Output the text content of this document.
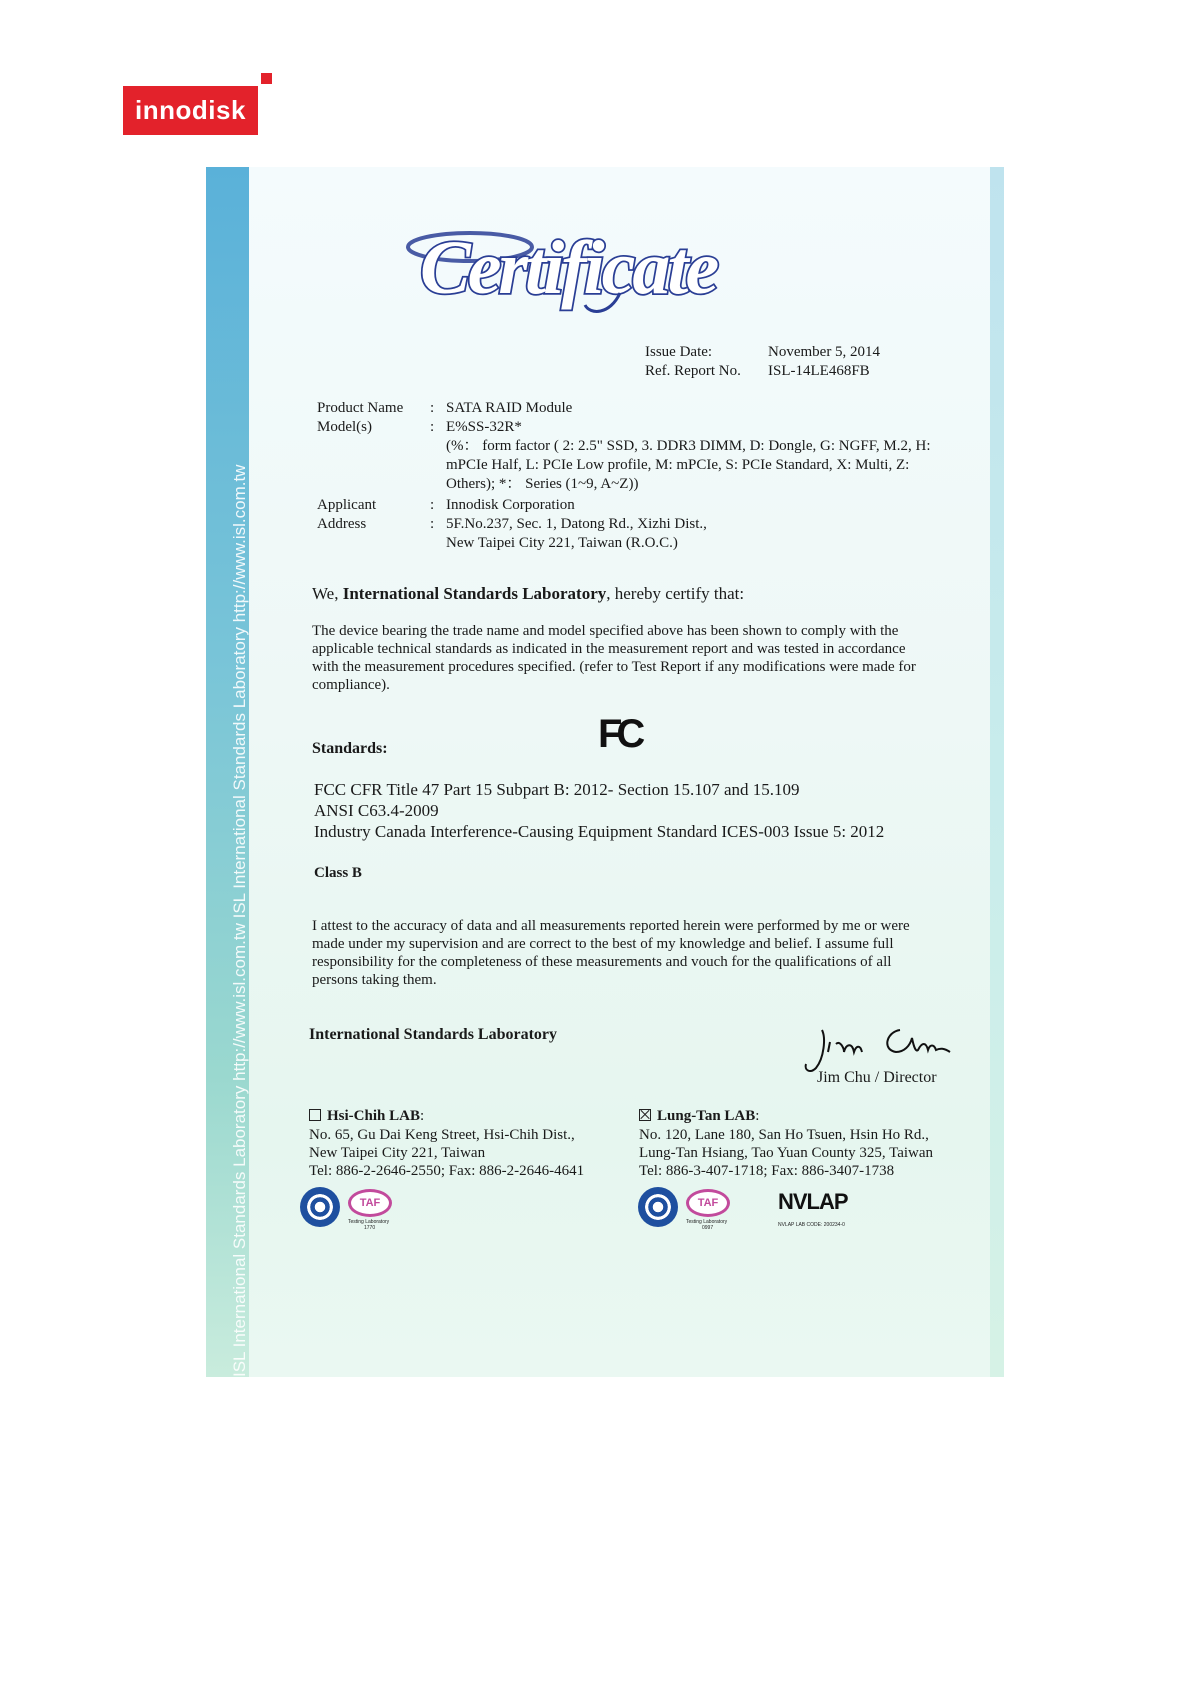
innodisk
ISL International Standards Laboratory http://www.isl.com.tw ISL International Standards Laboratory http://www.isl.com.tw
Certificate
Issue Date:	November 5, 2014
Ref. Report No. ISL-14LE468FB
Product Name : SATA RAID Module
Model(s)	: E%SS-32R*
(%： form factor ( 2: 2.5" SSD, 3. DDR3 DIMM, D: Dongle, G: NGFF, M.2, H:
mPCIe Half, L: PCIe Low profile, M: mPCIe, S: PCIe Standard, X: Multi, Z:
Others); *： Series (1~9, A~Z))
Applicant	: Innodisk Corporation
Address	: 5F.No.237, Sec. 1, Datong Rd., Xizhi Dist.,
New Taipei City 221, Taiwan (R.O.C.)
We, International Standards Laboratory, hereby certify that:
The device bearing the trade name and model specified above has been shown to comply with the
applicable technical standards as indicated in the measurement report and was tested in accordance
with the measurement procedures specified. (refer to Test Report if any modifications were made for
compliance).
Standards:	FC
FCC CFR Title 47 Part 15 Subpart B: 2012- Section 15.107 and 15.109
ANSI C63.4-2009
Industry Canada Interference-Causing Equipment Standard ICES-003 Issue 5: 2012
Class B
I attest to the accuracy of data and all measurements reported herein were performed by me or were
made under my supervision and are correct to the best of my knowledge and belief. I assume full
responsibility for the completeness of these measurements and vouch for the qualifications of all
persons taking them.
International Standards Laboratory
Jim Chu / Director
Hsi-Chih LAB:
No. 65, Gu Dai Keng Street, Hsi-Chih Dist.,
New Taipei City 221, Taiwan
Tel: 886-2-2646-2550; Fax: 886-2-2646-4641
Lung-Tan LAB:
No. 120, Lane 180, San Ho Tsuen, Hsin Ho Rd.,
Lung-Tan Hsiang, Tao Yuan County 325, Taiwan
Tel: 886-3-407-1718; Fax: 886-3407-1738
TAF
Testing Laboratory
1770
TAF
Testing Laboratory
0997
NVLAP
NVLAP LAB CODE: 200234-0
